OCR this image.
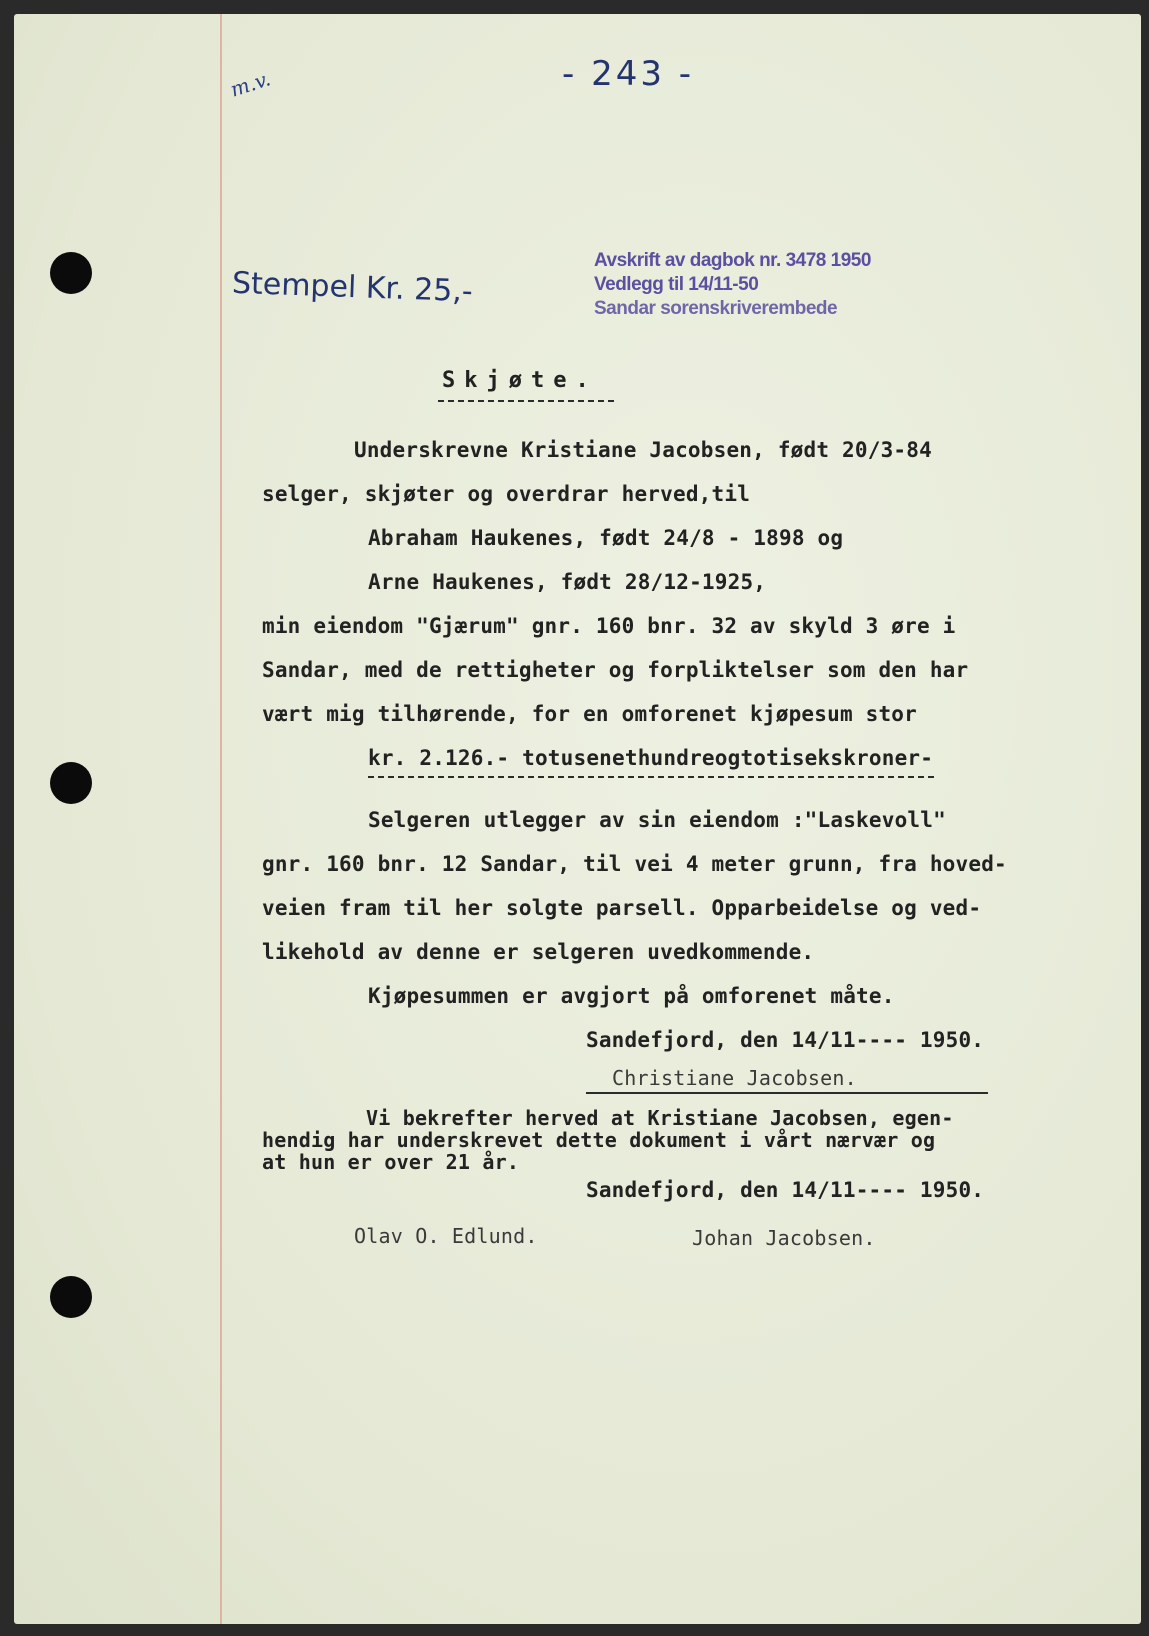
- 243 -
m.v.
Stempel Kr. 25,-
Avskrift av dagbok nr. 3478 1950
Vedlegg til 14/11-50
Sandar sorenskriverembede
Skjøte.
Underskrevne Kristiane Jacobsen, født 20/3-84
selger, skjøter og overdrar herved,til
Abraham Haukenes, født 24/8 - 1898 og
Arne Haukenes, født 28/12-1925,
min eiendom "Gjærum" gnr. 160 bnr. 32 av skyld 3 øre i
Sandar, med de rettigheter og forpliktelser som den har
vært mig tilhørende, for en omforenet kjøpesum stor
kr. 2.126.- totusenethundreogtotisekskroner-
Selgeren utlegger av sin eiendom :"Laskevoll"
gnr. 160 bnr. 12 Sandar, til vei 4 meter grunn, fra hoved-
veien fram til her solgte parsell. Opparbeidelse og ved-
likehold av denne er selgeren uvedkommende.
Kjøpesummen er avgjort på omforenet måte.
Sandefjord, den 14/11---- 1950.
Christiane Jacobsen.
Vi bekrefter herved at Kristiane Jacobsen, egen-
hendig har underskrevet dette dokument i vårt nærvær og
at hun er over 21 år.
Sandefjord, den 14/11---- 1950.
Olav O. Edlund.	Johan Jacobsen.
